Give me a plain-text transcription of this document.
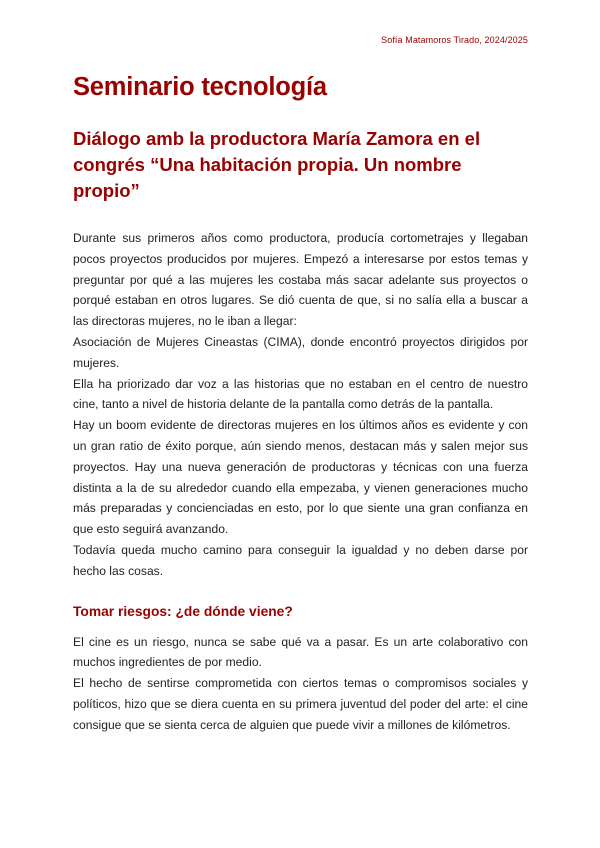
Sofía Matamoros Tirado, 2024/2025
Seminario tecnología
Diálogo amb la productora María Zamora en el congrés “Una habitación propia. Un nombre propio”

Durante sus primeros años como productora, producía cortometrajes y llegaban pocos proyectos producidos por mujeres. Empezó a interesarse por estos temas y preguntar por qué a las mujeres les costaba más sacar adelante sus proyectos o porqué estaban en otros lugares. Se dió cuenta de que, si no salía ella a buscar a las directoras mujeres, no le iban a llegar:

Asociación de Mujeres Cineastas (CIMA), donde encontró proyectos dirigidos por mujeres.

Ella ha priorizado dar voz a las historias que no estaban en el centro de nuestro cine, tanto a nivel de historia delante de la pantalla como detrás de la pantalla.

Hay un boom evidente de directoras mujeres en los últimos años es evidente y con un gran ratio de éxito porque, aún siendo menos, destacan más y salen mejor sus proyectos. Hay una nueva generación de productoras y técnicas con una fuerza distinta a la de su alrededor cuando ella empezaba, y vienen generaciones mucho más preparadas y concienciadas en esto, por lo que siente una gran confianza en que esto seguirá avanzando.

Todavía queda mucho camino para conseguir la igualdad y no deben darse por hecho las cosas.

Tomar riesgos: ¿de dónde viene?

El cine es un riesgo, nunca se sabe qué va a pasar. Es un arte colaborativo con muchos ingredientes de por medio.

El hecho de sentirse comprometida con ciertos temas o compromisos sociales y políticos, hizo que se diera cuenta en su primera juventud del poder del arte: el cine consigue que se sienta cerca de alguien que puede vivir a millones de kilómetros.
